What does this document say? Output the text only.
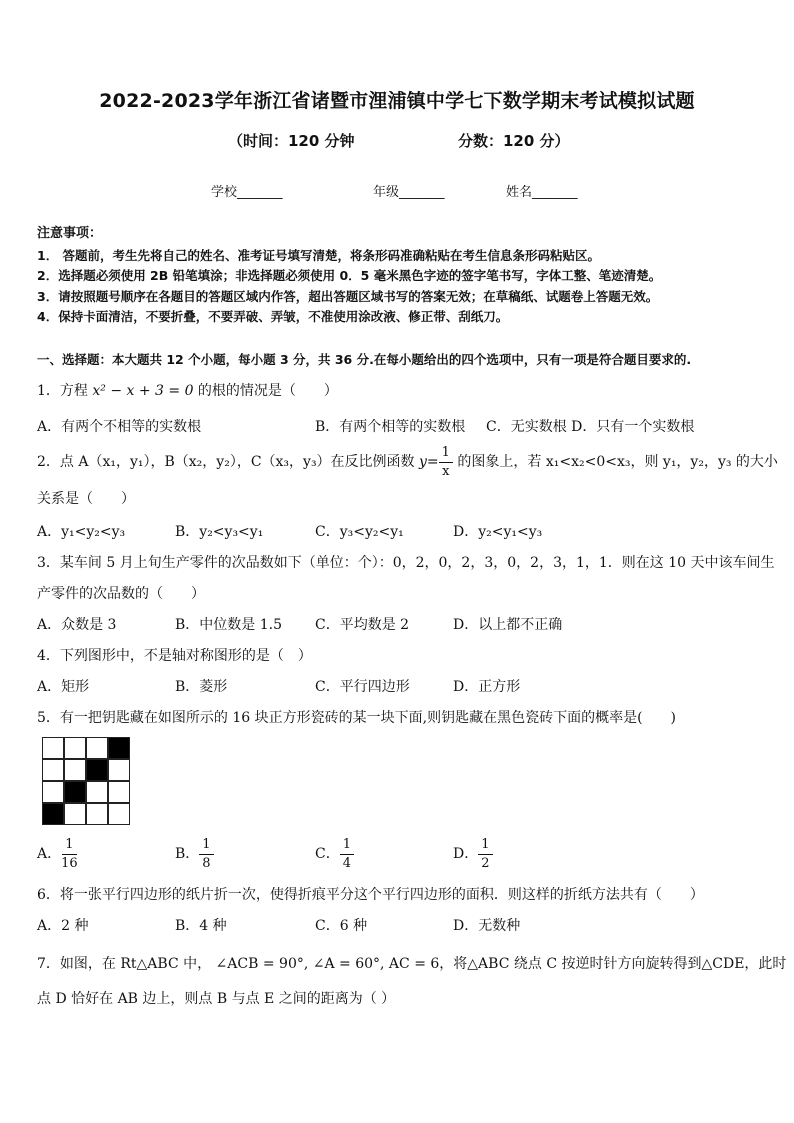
2022-2023学年浙江省诸暨市浬浦镇中学七下数学期末考试模拟试题
（时间：120 分钟	分数：120 分）
学校_______	年级_______	姓名_______
注意事项：
1． 答题前，考生先将自己的姓名、准考证号填写清楚，将条形码准确粘贴在考生信息条形码粘贴区。
2．选择题必须使用 2B 铅笔填涂；非选择题必须使用 0．5 毫米黑色字迹的签字笔书写，字体工整、笔迹清楚。
3．请按照题号顺序在各题目的答题区域内作答，超出答题区域书写的答案无效；在草稿纸、试题卷上答题无效。
4．保持卡面清洁，不要折叠，不要弄破、弄皱，不准使用涂改液、修正带、刮纸刀。
一、选择题：本大题共 12 个小题，每小题 3 分，共 36 分.在每小题给出的四个选项中，只有一项是符合题目要求的.
1．方程 x² − x + 3 = 0 的根的情况是（　　）
A．有两个不相等的实数根	B．有两个相等的实数根 C．无实数根 D．只有一个实数根
2．点 A（x₁，y₁），B（x₂，y₂），C（x₃，y₃）在反比例函数 $y= \frac{1}{x}$ 的图象上，若 x₁<x₂<0<x₃，则 y₁，y₂，y₃ 的大小
关系是（　　）
A．y₁<y₂<y₃	B．y₂<y₃<y₁	C．y₃<y₂<y₁	D．y₂<y₁<y₃
3．某车间 5 月上旬生产零件的次品数如下（单位：个）：0，2，0，2，3，0，2，3，1，1．则在这 10 天中该车间生
产零件的次品数的（　　）
A．众数是 3	B．中位数是 1.5 C．平均数是 2	D．以上都不正确
4．下列图形中，不是轴对称图形的是（　）
A．矩形	B．菱形	C．平行四边形	D．正方形
5．有一把钥匙藏在如图所示的 16 块正方形瓷砖的某一块下面,则钥匙藏在黑色瓷砖下面的概率是(　　)
A． $\frac{1}{16}$	B． $\frac{1}{8}$	C． $\frac{1}{4}$	D． $\frac{1}{2}$
6．将一张平行四边形的纸片折一次，使得折痕平分这个平行四边形的面积．则这样的折纸方法共有（　　）
A．2 种	B．4 种	C．6 种	D．无数种
7．如图，在 Rt△ABC 中， ∠ACB = 90°, ∠A = 60°, AC = 6，将△ABC 绕点 C 按逆时针方向旋转得到△CDE，此时
点 D 恰好在 AB 边上，则点 B 与点 E 之间的距离为（ ）
